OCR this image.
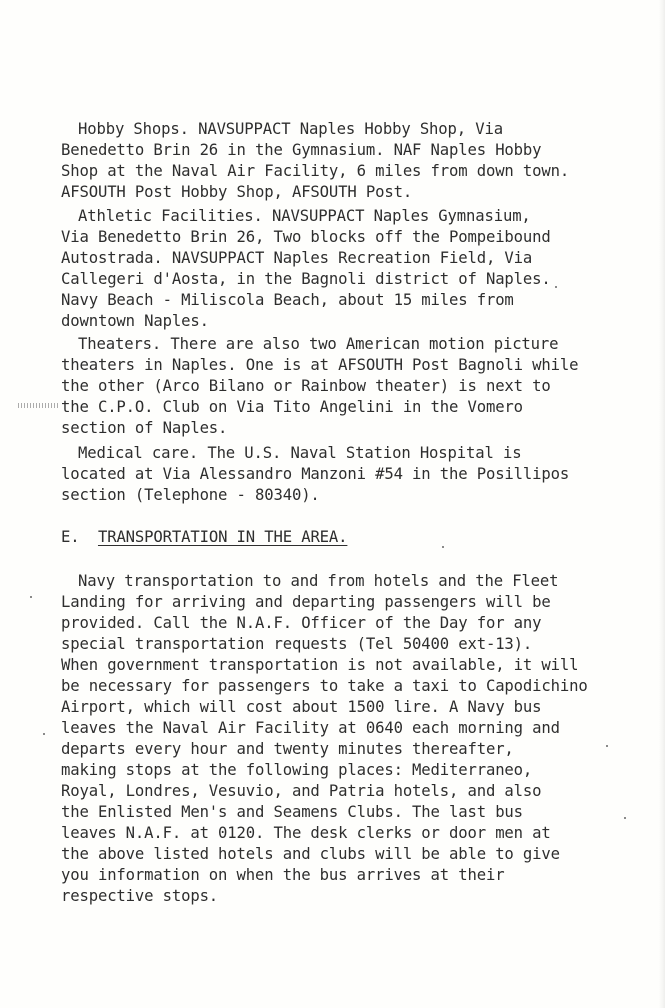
Hobby Shops. NAVSUPPACT Naples Hobby Shop, Via
Benedetto Brin 26 in the Gymnasium. NAF Naples Hobby
Shop at the Naval Air Facility, 6 miles from down town.
AFSOUTH Post Hobby Shop, AFSOUTH Post.
Athletic Facilities. NAVSUPPACT Naples Gymnasium,
Via Benedetto Brin 26, Two blocks off the Pompeibound
Autostrada. NAVSUPPACT Naples Recreation Field, Via
Callegeri d'Aosta, in the Bagnoli district of Naples.
Navy Beach - Miliscola Beach, about 15 miles from
downtown Naples.
Theaters. There are also two American motion picture
theaters in Naples. One is at AFSOUTH Post Bagnoli while
the other (Arco Bilano or Rainbow theater) is next to
the C.P.O. Club on Via Tito Angelini in the Vomero
section of Naples.
Medical care. The U.S. Naval Station Hospital is
located at Via Alessandro Manzoni #54 in the Posillipos
section (Telephone - 80340).
E. TRANSPORTATION IN THE AREA.
Navy transportation to and from hotels and the Fleet
Landing for arriving and departing passengers will be
provided. Call the N.A.F. Officer of the Day for any
special transportation requests (Tel 50400 ext-13).
When government transportation is not available, it will
be necessary for passengers to take a taxi to Capodichino
Airport, which will cost about 1500 lire. A Navy bus
leaves the Naval Air Facility at 0640 each morning and
departs every hour and twenty minutes thereafter,
making stops at the following places: Mediterraneo,
Royal, Londres, Vesuvio, and Patria hotels, and also
the Enlisted Men's and Seamens Clubs. The last bus
leaves N.A.F. at 0120. The desk clerks or door men at
the above listed hotels and clubs will be able to give
you information on when the bus arrives at their
respective stops.
